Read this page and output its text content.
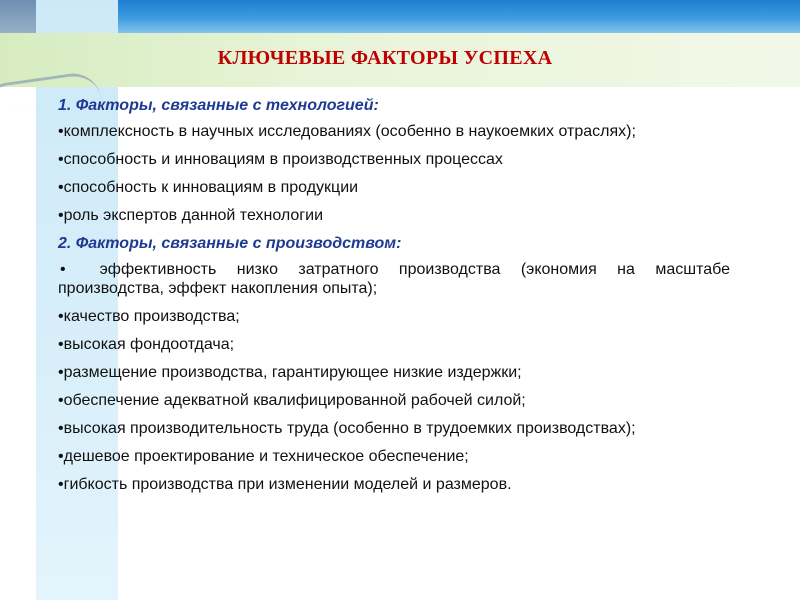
КЛЮЧЕВЫЕ ФАКТОРЫ УСПЕХА
1. Факторы, связанные с технологией:
•комплексность в научных исследованиях (особенно в наукоемких отраслях);
•способность и инновациям в производственных процессах
•способность к инновациям в продукции
•роль экспертов данной технологии
2. Факторы, связанные с производством:
• эффективность низко затратного производства (экономия на масштабе производства, эффект накопления опыта);
•качество производства;
•высокая фондоотдача;
•размещение производства, гарантирующее низкие издержки;
•обеспечение адекватной квалифицированной рабочей силой;
•высокая производительность труда (особенно в трудоемких производствах);
•дешевое проектирование и техническое обеспечение;
•гибкость производства при изменении моделей и размеров.
